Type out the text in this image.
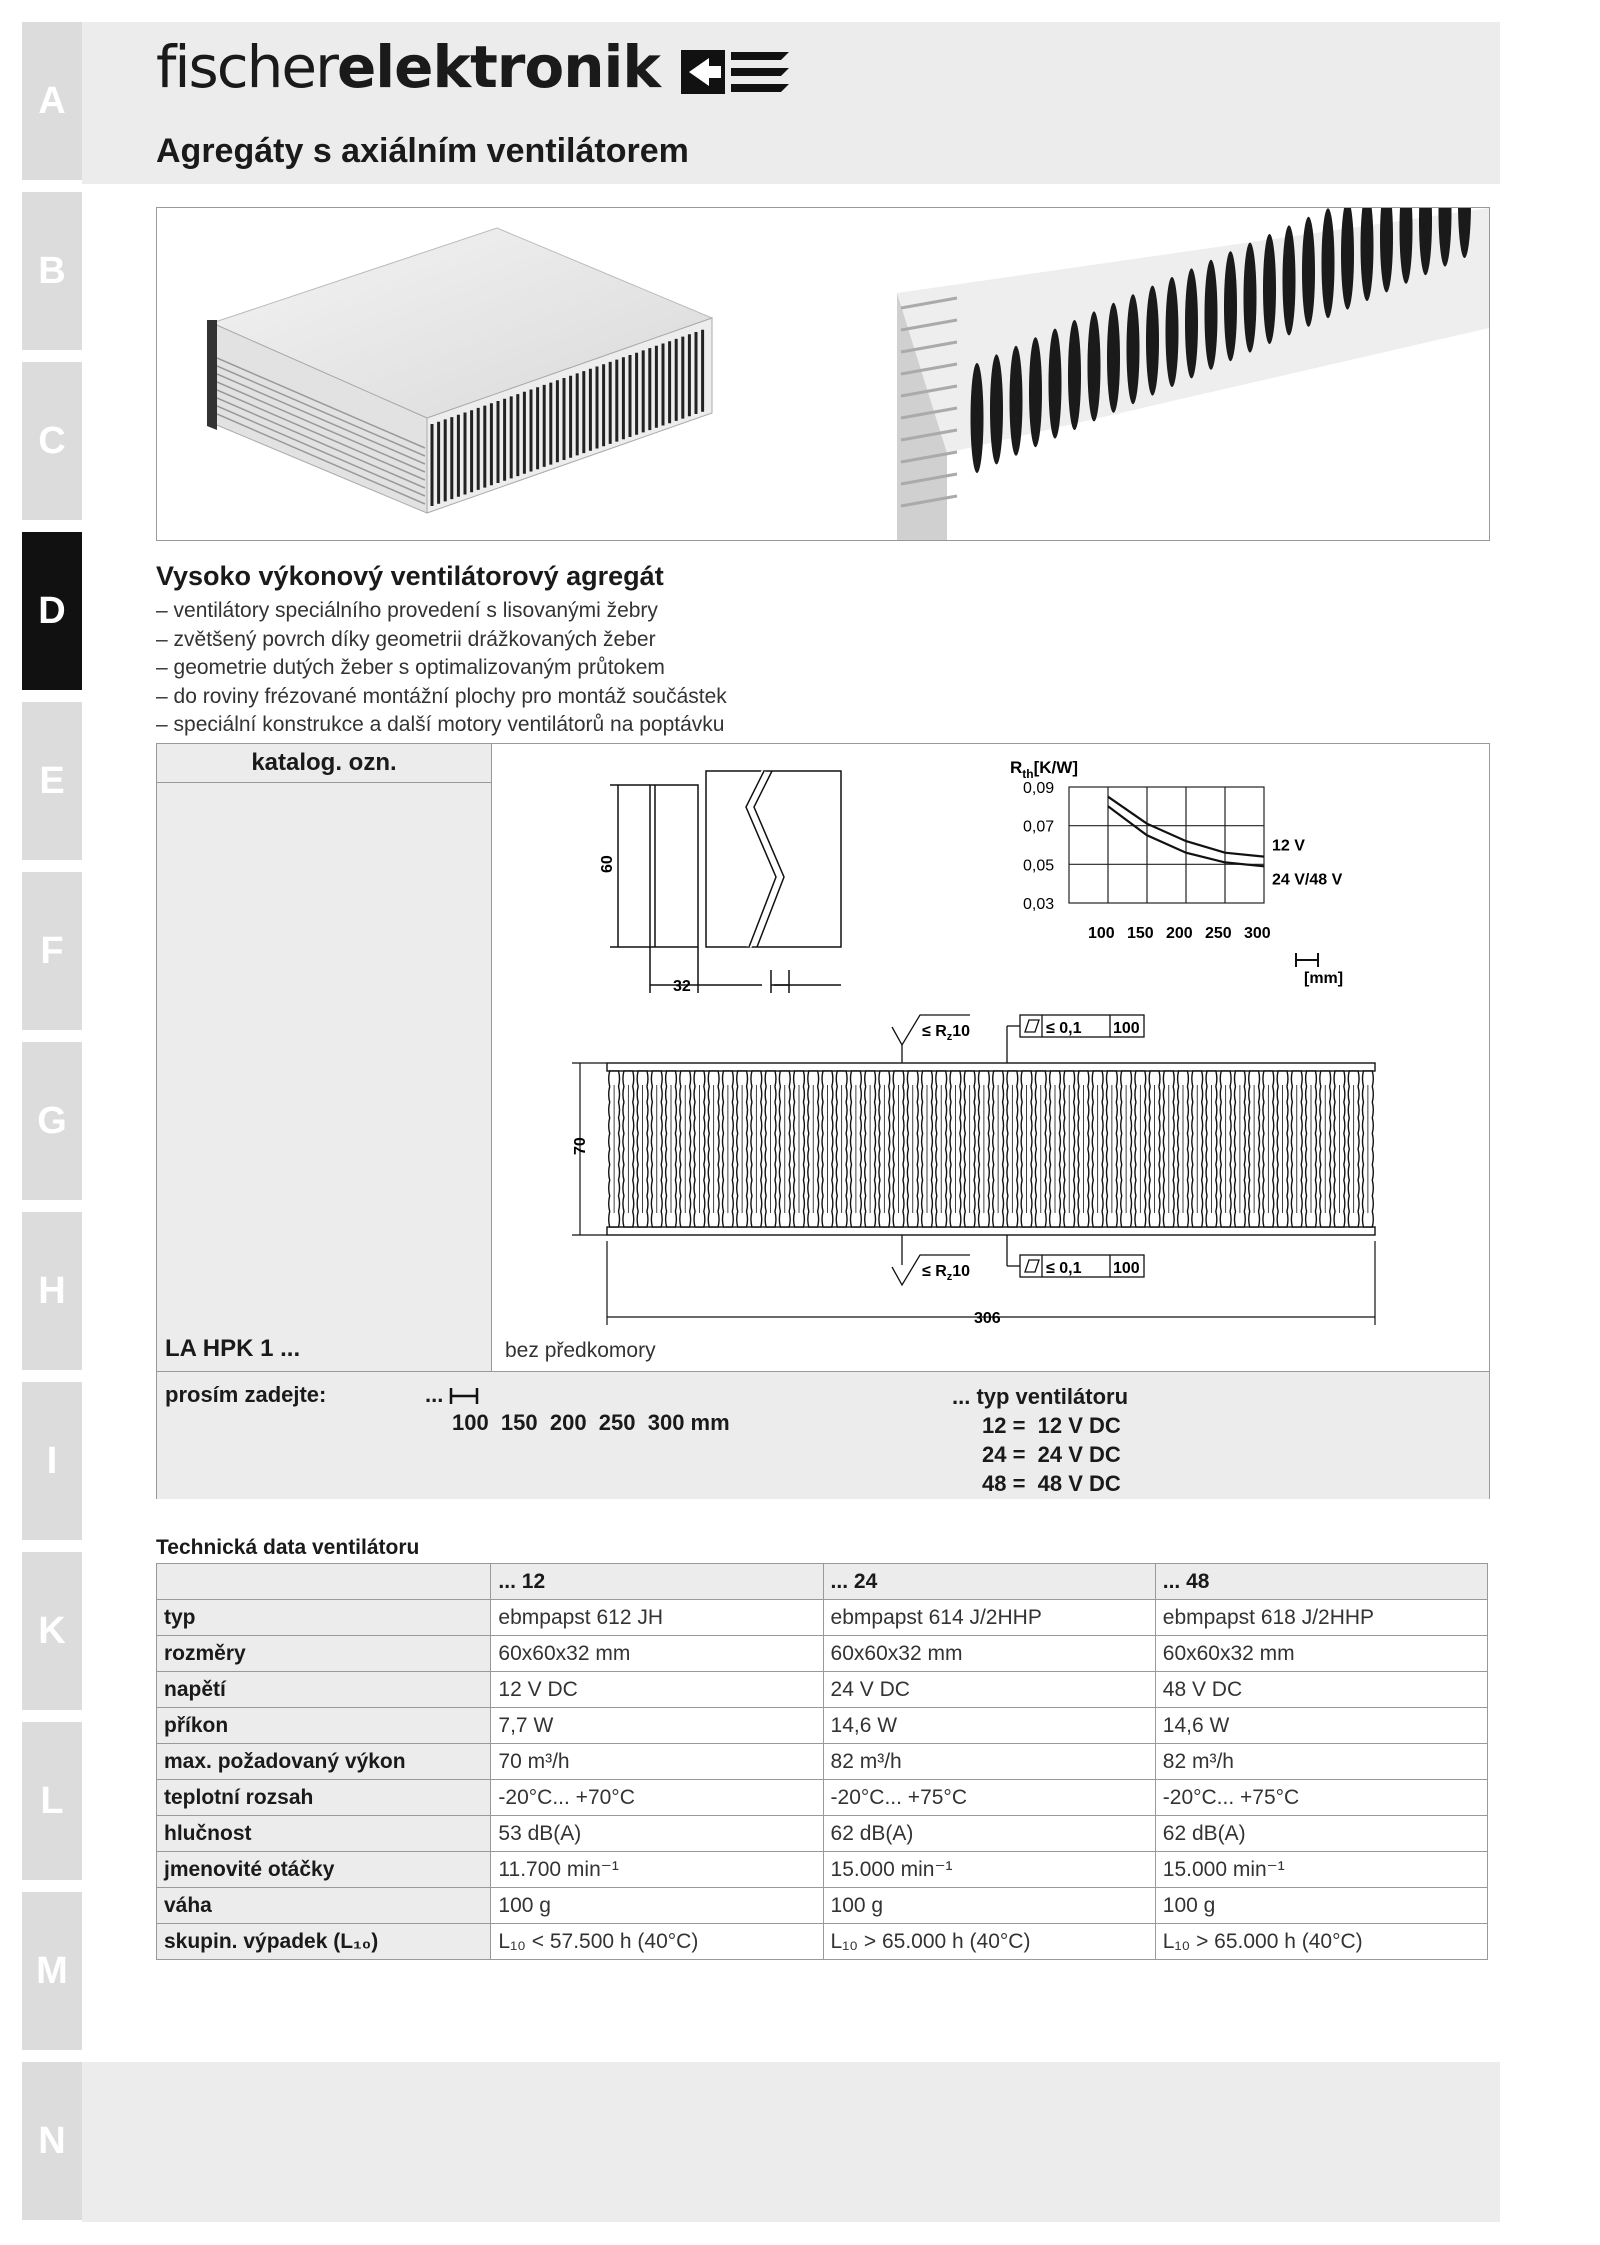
A
B
C
D
E
F
G
H
I
K
L
M
N
fischerelektronik
Agregáty s axiálním ventilátorem
Vysoko výkonový ventilátorový agregát
– ventilátory speciálního provedení s lisovanými žebry
– zvětšený povrch díky geometrii drážkovaných žeber
– geometrie dutých žeber s optimalizovaným průtokem
– do roviny frézované montážní plochy pro montáž součástek
– speciální konstrukce a další motory ventilátorů na poptávku
katalog. ozn.
LA HPK 1 ...	bez předkomory
60
32
$R_{th}[K/W]$
12 V
24 V/48 V
0,09
0,07
0,05
0,03
100 150 200 250 300
[mm]
70
306
≤ $R_z10$
≤ $R_z10$
≤ 0,1 100
≤ 0,1 100
prosím zadejte:	...
100  150  200  250  300 mm
... typ ventilátoru
12 =  12 V DC
24 =  24 V DC
48 =  48 V DC
Technická data ventilátoru
	... 12	... 24	... 48
typ	ebmpapst 612 JH	ebmpapst 614 J/2HHP	ebmpapst 618 J/2HHP
rozměry	60x60x32 mm	60x60x32 mm	60x60x32 mm
napětí	12 V DC	24 V DC	48 V DC
příkon	7,7 W	14,6 W	14,6 W
max. požadovaný výkon	70 m³/h	82 m³/h	82 m³/h
teplotní rozsah	-20°C... +70°C	-20°C... +75°C	-20°C... +75°C
hlučnost	53 dB(A)	62 dB(A)	62 dB(A)
jmenovité otáčky	11.700 min⁻¹	15.000 min⁻¹	15.000 min⁻¹
váha	100 g	100 g	100 g
skupin. výpadek (L₁₀)	L₁₀ < 57.500 h (40°C)	L₁₀ > 65.000 h (40°C)	L₁₀ > 65.000 h (40°C)
